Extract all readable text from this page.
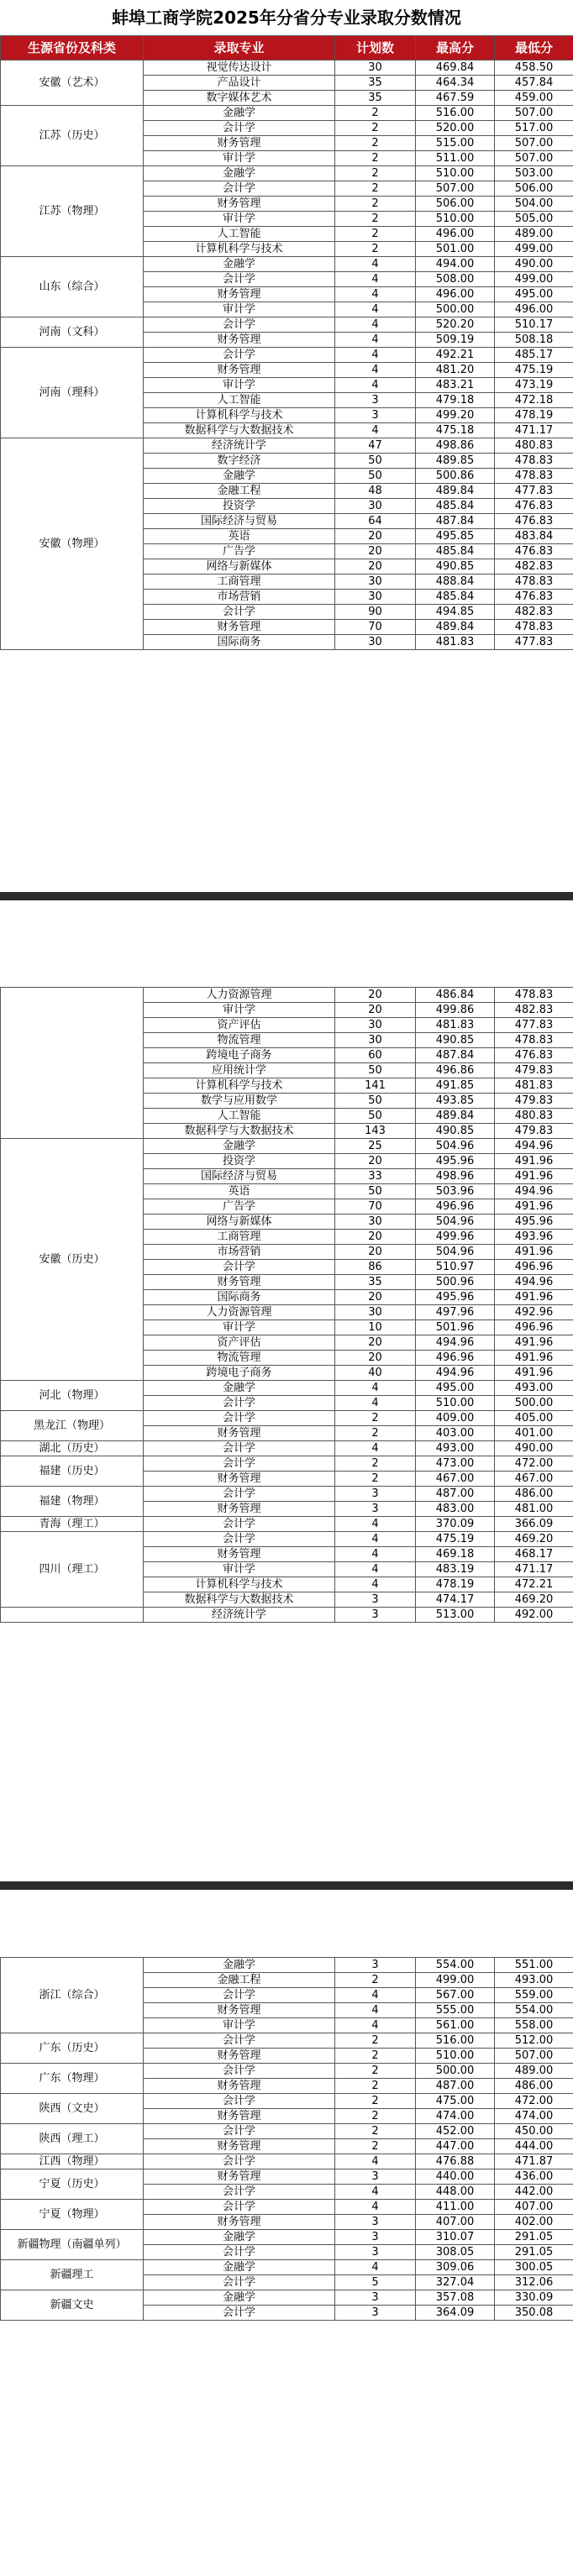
蚌埠工商学院2025年分省分专业录取分数情况
生源省份及科类	录取专业	计划数	最高分	最低分
安徽（艺术）	视觉传达设计	30	469.84	458.50
	产品设计	35	464.34	457.84
	数字媒体艺术	35	467.59	459.00
江苏（历史）	金融学	2	516.00	507.00
	会计学	2	520.00	517.00
	财务管理	2	515.00	507.00
	审计学	2	511.00	507.00
江苏（物理）	金融学	2	510.00	503.00
	会计学	2	507.00	506.00
	财务管理	2	506.00	504.00
	审计学	2	510.00	505.00
	人工智能	2	496.00	489.00
	计算机科学与技术	2	501.00	499.00
山东（综合）	金融学	4	494.00	490.00
	会计学	4	508.00	499.00
	财务管理	4	496.00	495.00
	审计学	4	500.00	496.00
河南（文科）	会计学	4	520.20	510.17
	财务管理	4	509.19	508.18
河南（理科）	会计学	4	492.21	485.17
	财务管理	4	481.20	475.19
	审计学	4	483.21	473.19
	人工智能	3	479.18	472.18
	计算机科学与技术	3	499.20	478.19
	数据科学与大数据技术	4	475.18	471.17
安徽（物理）	经济统计学	47	498.86	480.83
	数字经济	50	489.85	478.83
	金融学	50	500.86	478.83
	金融工程	48	489.84	477.83
	投资学	30	485.84	476.83
	国际经济与贸易	64	487.84	476.83
	英语	20	495.85	483.84
	广告学	20	485.84	476.83
	网络与新媒体	20	490.85	482.83
	工商管理	30	488.84	478.83
	市场营销	30	485.84	476.83
	会计学	90	494.85	482.83
	财务管理	70	489.84	478.83
	国际商务	30	481.83	477.83
	人力资源管理	20	486.84	478.83
	审计学	20	499.86	482.83
	资产评估	30	481.83	477.83
	物流管理	30	490.85	478.83
	跨境电子商务	60	487.84	476.83
	应用统计学	50	496.86	479.83
	计算机科学与技术	141	491.85	481.83
	数学与应用数学	50	493.85	479.83
	人工智能	50	489.84	480.83
	数据科学与大数据技术	143	490.85	479.83
安徽（历史）	金融学	25	504.96	494.96
	投资学	20	495.96	491.96
	国际经济与贸易	33	498.96	491.96
	英语	50	503.96	494.96
	广告学	70	496.96	491.96
	网络与新媒体	30	504.96	495.96
	工商管理	20	499.96	493.96
	市场营销	20	504.96	491.96
	会计学	86	510.97	496.96
	财务管理	35	500.96	494.96
	国际商务	20	495.96	491.96
	人力资源管理	30	497.96	492.96
	审计学	10	501.96	496.96
	资产评估	20	494.96	491.96
	物流管理	20	496.96	491.96
	跨境电子商务	40	494.96	491.96
河北（物理）	金融学	4	495.00	493.00
	会计学	4	510.00	500.00
黑龙江（物理）	会计学	2	409.00	405.00
	财务管理	2	403.00	401.00
湖北（历史）	会计学	4	493.00	490.00
福建（历史）	会计学	2	473.00	472.00
	财务管理	2	467.00	467.00
福建（物理）	会计学	3	487.00	486.00
	财务管理	3	483.00	481.00
青海（理工）	会计学	4	370.09	366.09
四川（理工）	会计学	4	475.19	469.20
	财务管理	4	469.18	468.17
	审计学	4	483.19	471.17
	计算机科学与技术	4	478.19	472.21
	数据科学与大数据技术	3	474.17	469.20
	经济统计学	3	513.00	492.00
浙江（综合）	金融学	3	554.00	551.00
	金融工程	2	499.00	493.00
	会计学	4	567.00	559.00
	财务管理	4	555.00	554.00
	审计学	4	561.00	558.00
广东（历史）	会计学	2	516.00	512.00
	财务管理	2	510.00	507.00
广东（物理）	会计学	2	500.00	489.00
	财务管理	2	487.00	486.00
陕西（文史）	会计学	2	475.00	472.00
	财务管理	2	474.00	474.00
陕西（理工）	会计学	2	452.00	450.00
	财务管理	2	447.00	444.00
江西（物理）	会计学	4	476.88	471.87
宁夏（历史）	财务管理	3	440.00	436.00
	会计学	4	448.00	442.00
宁夏（物理）	会计学	4	411.00	407.00
	财务管理	3	407.00	402.00
新疆物理（南疆单列）	金融学	3	310.07	291.05
	会计学	3	308.05	291.05
新疆理工	金融学	4	309.06	300.05
	会计学	5	327.04	312.06
新疆文史	金融学	3	357.08	330.09
	会计学	3	364.09	350.08
